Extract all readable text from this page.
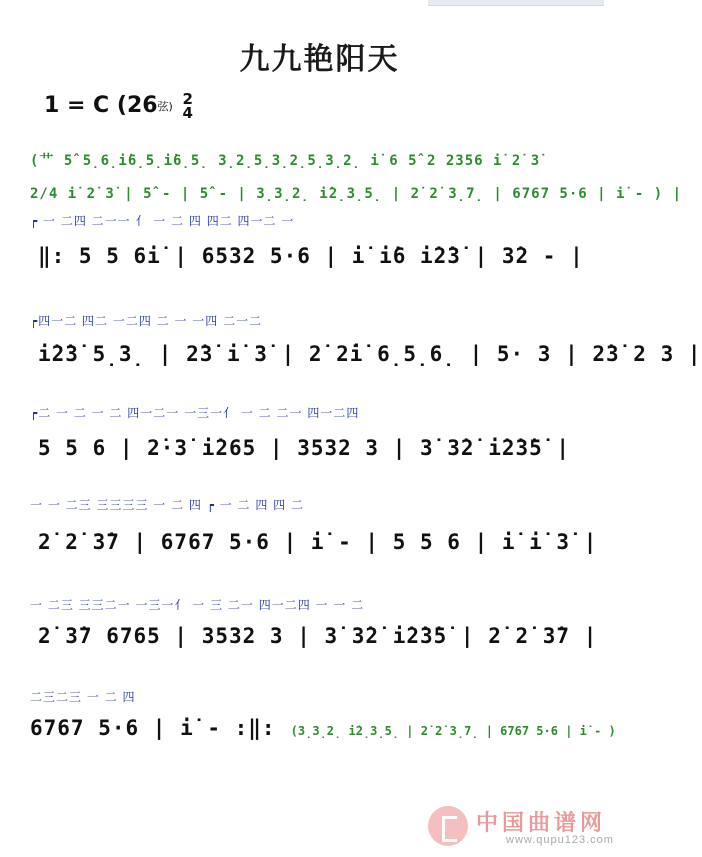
九九艳阳天
1 = C (26弦) 2
4
(艹 5̂ 5̣6̣i̇6̣5̣i̇6̣5̣ 3̣2̣5̣3̣2̣5̣3̣2̣ i̇ 6 5̂ 2 2356 i̇ 2̇ 3̇
2/4 i̇ 2̇ 3̇ | 5̂ - | 5̂ - | 3̣3̣2̣ i̇2̣3̣5̣ | 2̇ 2̇ 3̣7̣ | 6767 5·6 | i̇ - ) |
┍ 一 二四 二一一 ⺅ 一 二 四 四二 四一二 一
‖: 5 5 6i̇ | 6532 5·6 | i̇ i̇6 i̇2̇3̇ | 3̇2 - |
┍四一二 四二 一二四 二 一 一四 二一二
i̇2̇3̇ 5̣3̣ | 2̇3̇ i̇ 3̇ | 2̇ 2̇i̇ 6̣5̣6̣ | 5· 3 | 2̇3̇ 2 3 |
┍二 一 二 一 二 四一二一 一三一⺅ 一 二 二一 四一二四
5 5 6 | 2̇·3̇ i̇265 | 3532 3 | 3̇ 3̇2̇ i̇2̇3̇5̇ |
一 一 二三 三三三三 一 二 四 ┍ 一 二 四 四 二
2̇ 2̇ 3̇7 | 6767 5·6 | i̇ - | 5 5 6 | i̇ i̇ 3̇ |
一 二三 三三二一 一三一⺅ 一 三 二一 四一二四 一 一 二
2̇ 3̇7 6765 | 3532 3 | 3̇ 3̇2̇ i̇2̇3̇5̇ | 2̇ 2̇ 3̇7 |
二三二三 一 二 四
6767 5·6 | i̇ - :‖: (3̣3̣2̣ i̇2̣3̣5̣ | 2̇ 2̇ 3̣7̣ | 6767 5·6 | i̇ - )
中国曲谱网
www.qupu123.com
